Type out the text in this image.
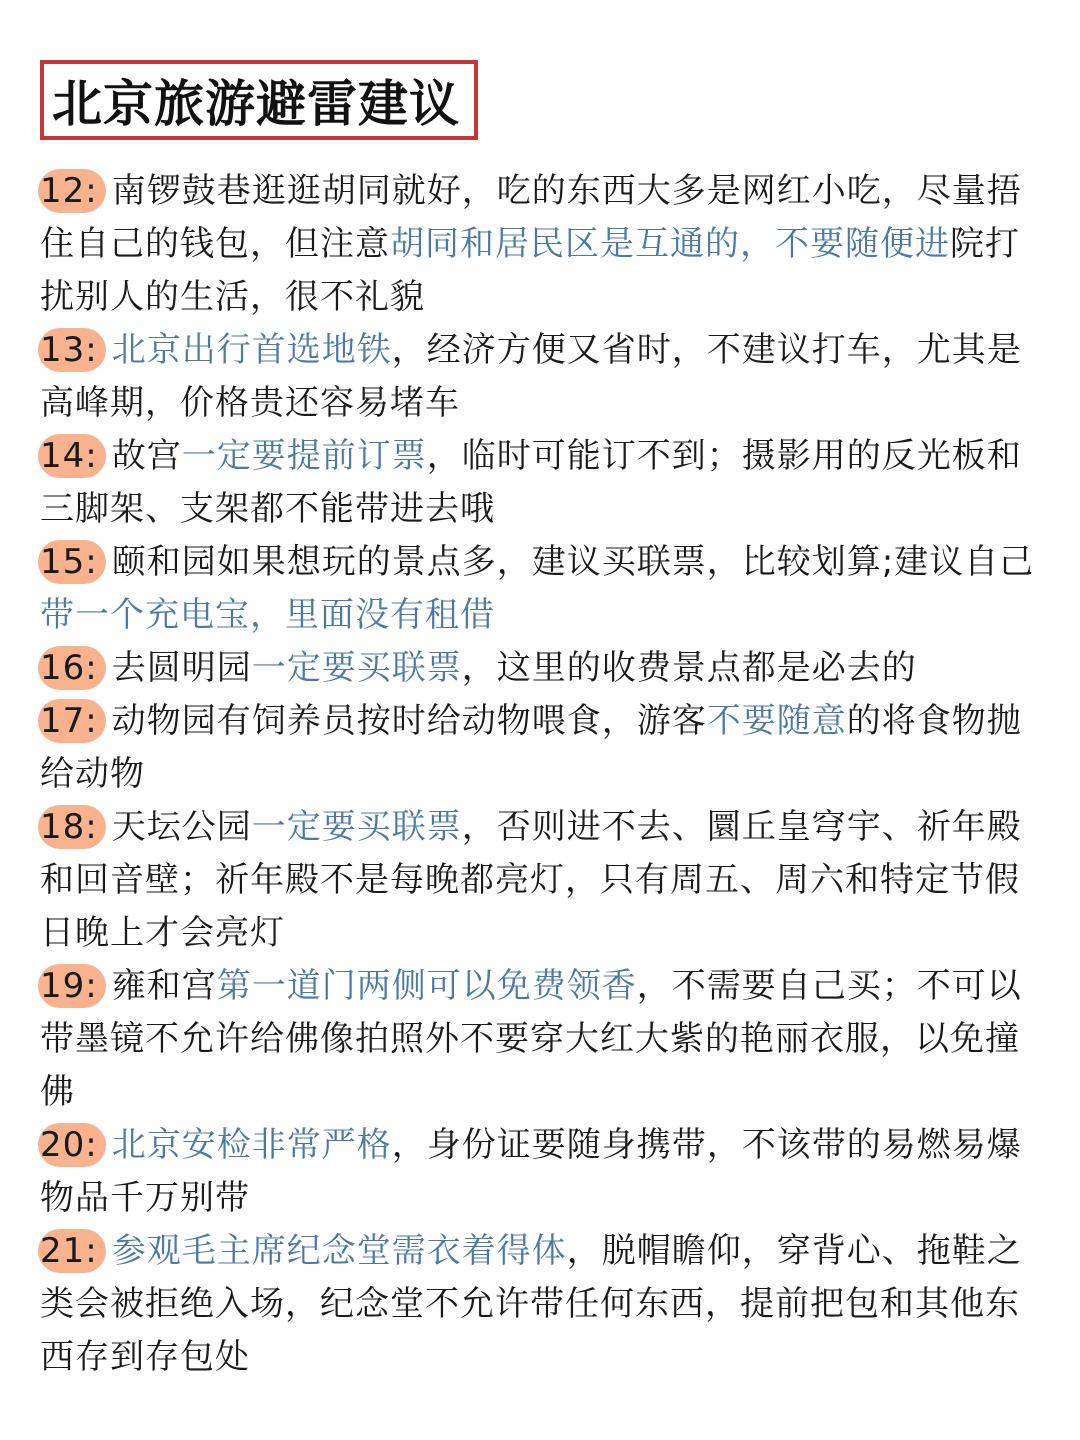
北京旅游避雷建议

12: 南锣鼓巷逛逛胡同就好，吃的东西大多是网红小吃，尽量捂住自己的钱包，但注意胡同和居民区是互通的，不要随便进院打扰别人的生活，很不礼貌

13: 北京出行首选地铁，经济方便又省时，不建议打车，尤其是高峰期，价格贵还容易堵车

14: 故宫一定要提前订票，临时可能订不到；摄影用的反光板和三脚架、支架都不能带进去哦

15: 颐和园如果想玩的景点多，建议买联票，比较划算;建议自己带一个充电宝，里面没有租借

16: 去圆明园一定要买联票，这里的收费景点都是必去的

17: 动物园有饲养员按时给动物喂食，游客不要随意的将食物抛给动物

18: 天坛公园一定要买联票，否则进不去、圜丘皇穹宇、祈年殿和回音壁；祈年殿不是每晚都亮灯，只有周五、周六和特定节假日晚上才会亮灯

19: 雍和宫第一道门两侧可以免费领香，不需要自己买；不可以带墨镜不允许给佛像拍照外不要穿大红大紫的艳丽衣服，以免撞佛

20: 北京安检非常严格，身份证要随身携带，不该带的易燃易爆物品千万别带

21: 参观毛主席纪念堂需衣着得体，脱帽瞻仰，穿背心、拖鞋之类会被拒绝入场，纪念堂不允许带任何东西，提前把包和其他东西存到存包处
